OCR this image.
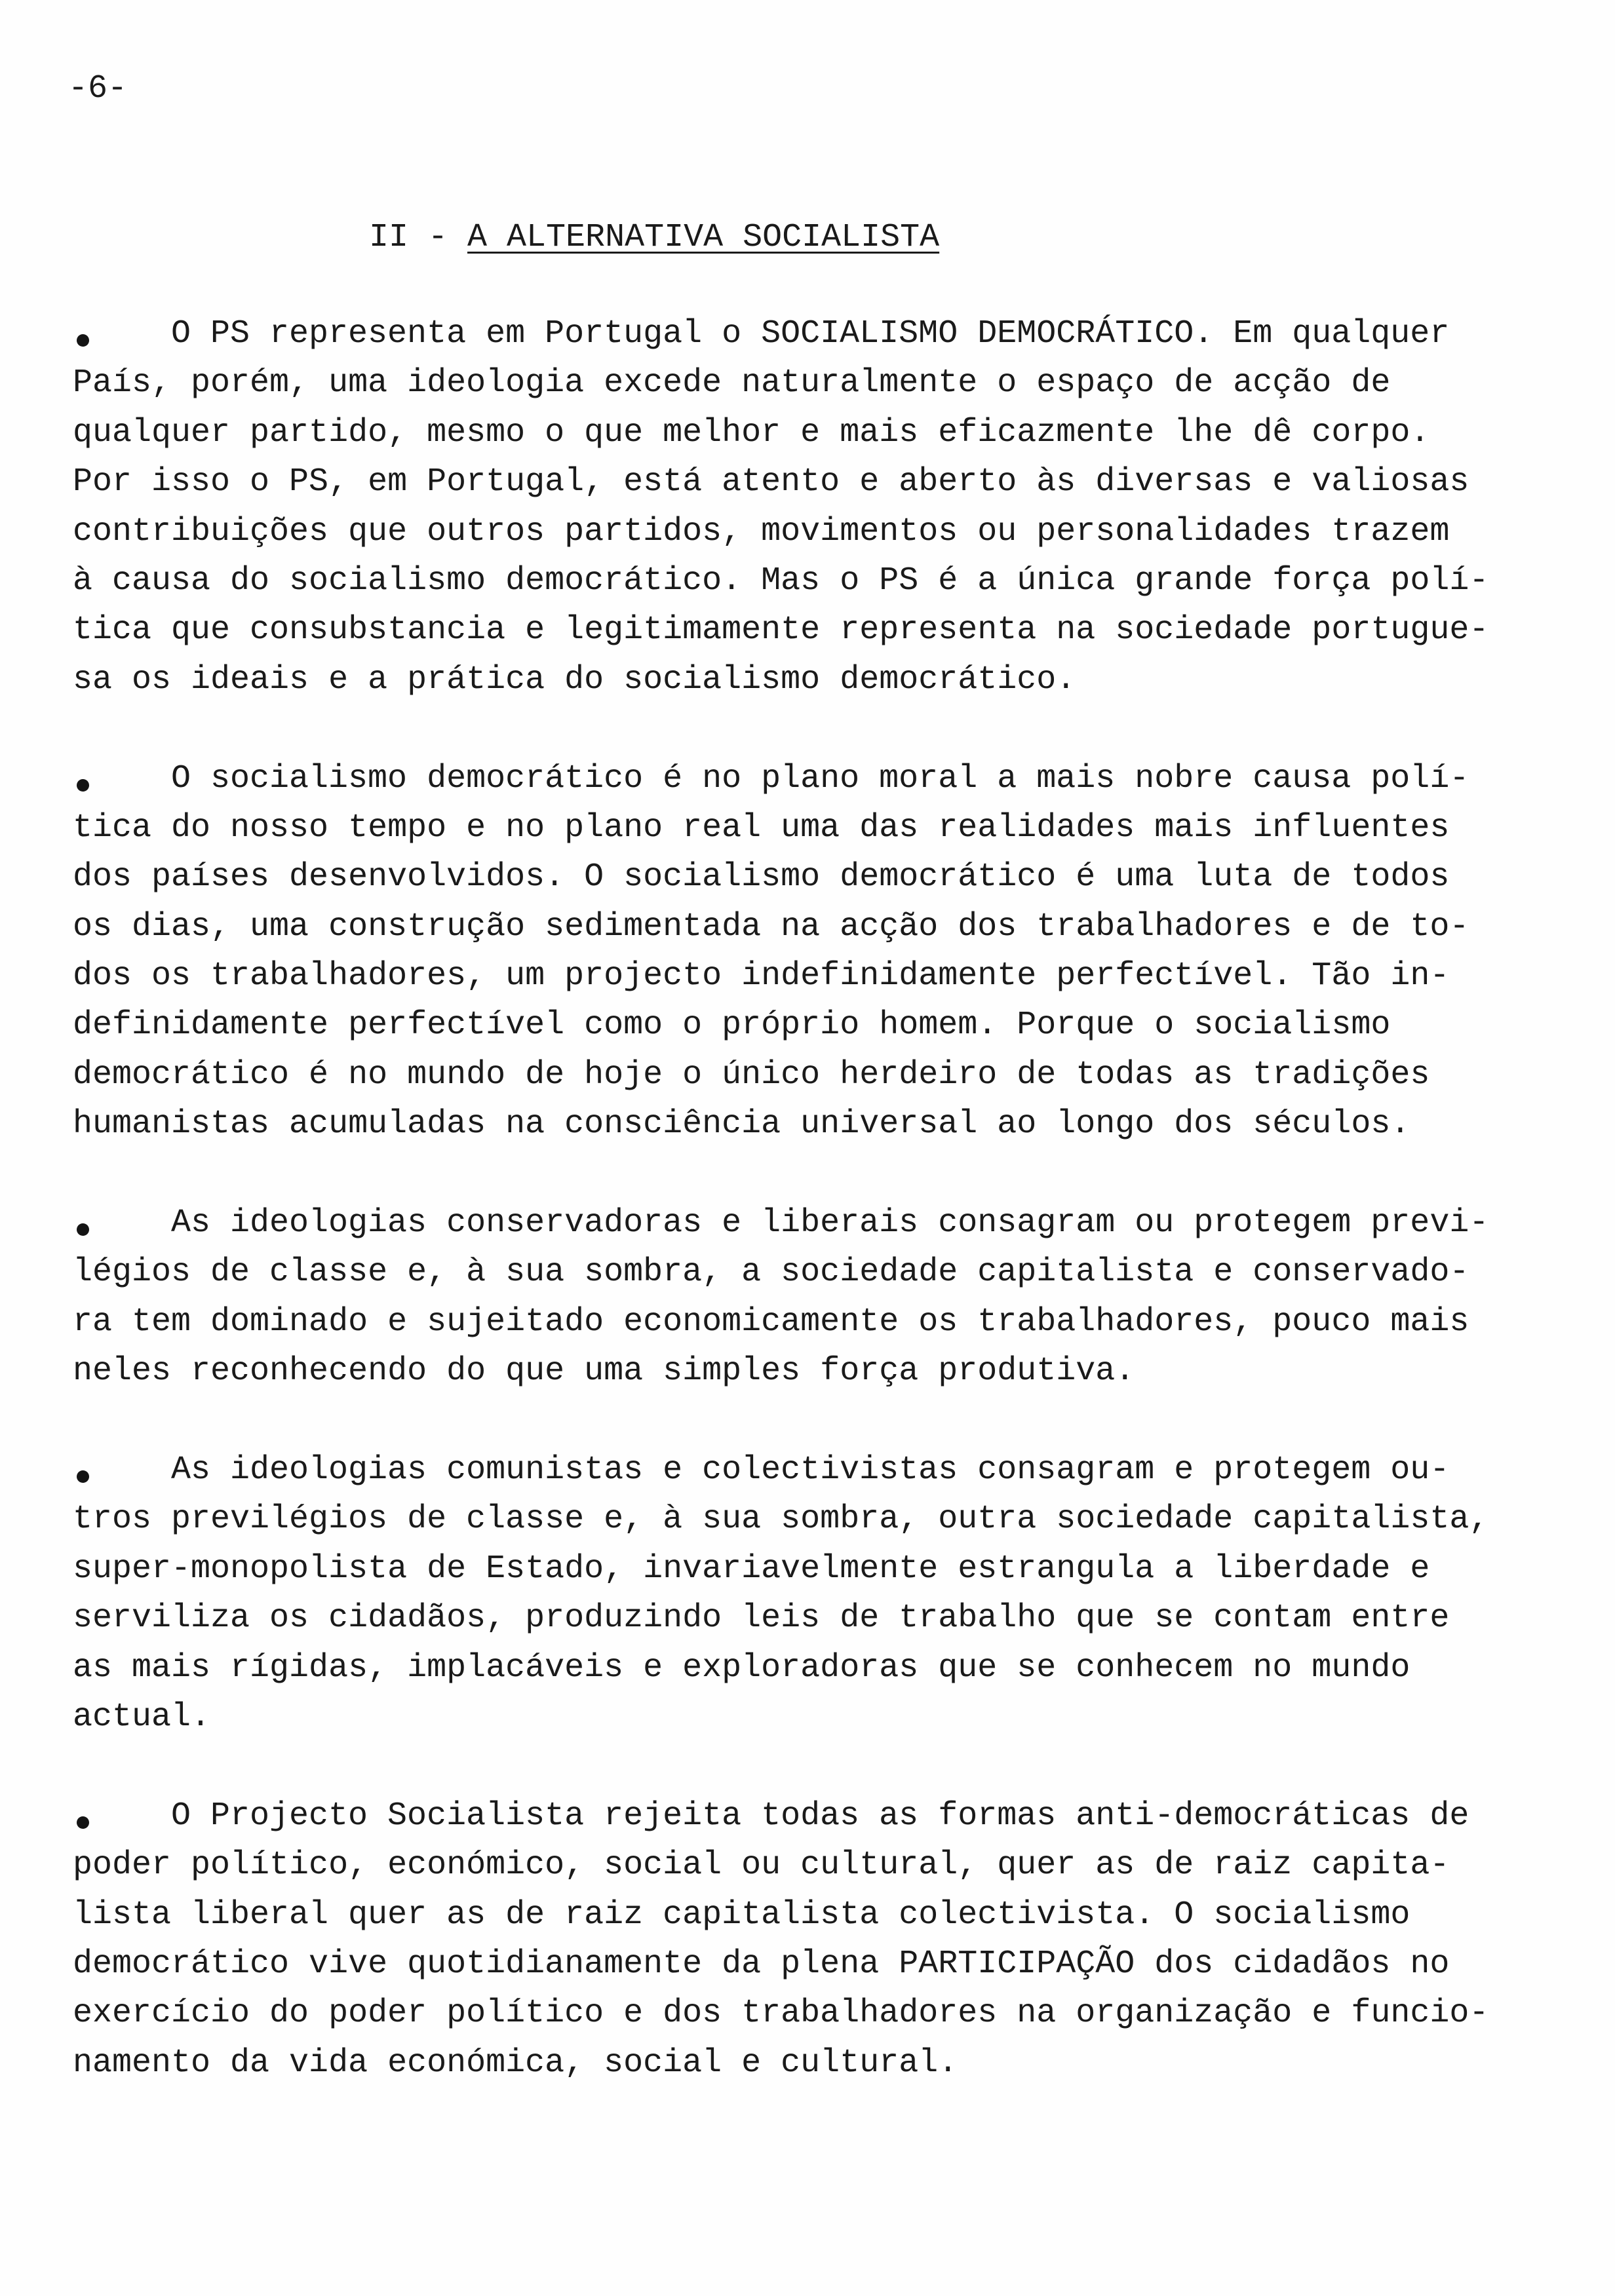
-6-
II - A ALTERNATIVA SOCIALISTA
O PS representa em Portugal o SOCIALISMO DEMOCRÁTICO. Em qualquer
País, porém, uma ideologia excede naturalmente o espaço de acção de
qualquer partido, mesmo o que melhor e mais eficazmente lhe dê corpo.
Por isso o PS, em Portugal, está atento e aberto às diversas e valiosas
contribuições que outros partidos, movimentos ou personalidades trazem
à causa do socialismo democrático. Mas o PS é a única grande força polí-
tica que consubstancia e legitimamente representa na sociedade portugue-
sa os ideais e a prática do socialismo democrático.
O socialismo democrático é no plano moral a mais nobre causa polí-
tica do nosso tempo e no plano real uma das realidades mais influentes
dos países desenvolvidos. O socialismo democrático é uma luta de todos
os dias, uma construção sedimentada na acção dos trabalhadores e de to-
dos os trabalhadores, um projecto indefinidamente perfectível. Tão in-
definidamente perfectível como o próprio homem. Porque o socialismo
democrático é no mundo de hoje o único herdeiro de todas as tradições
humanistas acumuladas na consciência universal ao longo dos séculos.
As ideologias conservadoras e liberais consagram ou protegem previ-
légios de classe e, à sua sombra, a sociedade capitalista e conservado-
ra tem dominado e sujeitado economicamente os trabalhadores, pouco mais
neles reconhecendo do que uma simples força produtiva.
As ideologias comunistas e colectivistas consagram e protegem ou-
tros previlégios de classe e, à sua sombra, outra sociedade capitalista,
super-monopolista de Estado, invariavelmente estrangula a liberdade e
serviliza os cidadãos, produzindo leis de trabalho que se contam entre
as mais rígidas, implacáveis e exploradoras que se conhecem no mundo
actual.
O Projecto Socialista rejeita todas as formas anti-democráticas de
poder político, económico, social ou cultural, quer as de raiz capita-
lista liberal quer as de raiz capitalista colectivista. O socialismo
democrático vive quotidianamente da plena PARTICIPAÇÃO dos cidadãos no
exercício do poder político e dos trabalhadores na organização e funcio-
namento da vida económica, social e cultural.
